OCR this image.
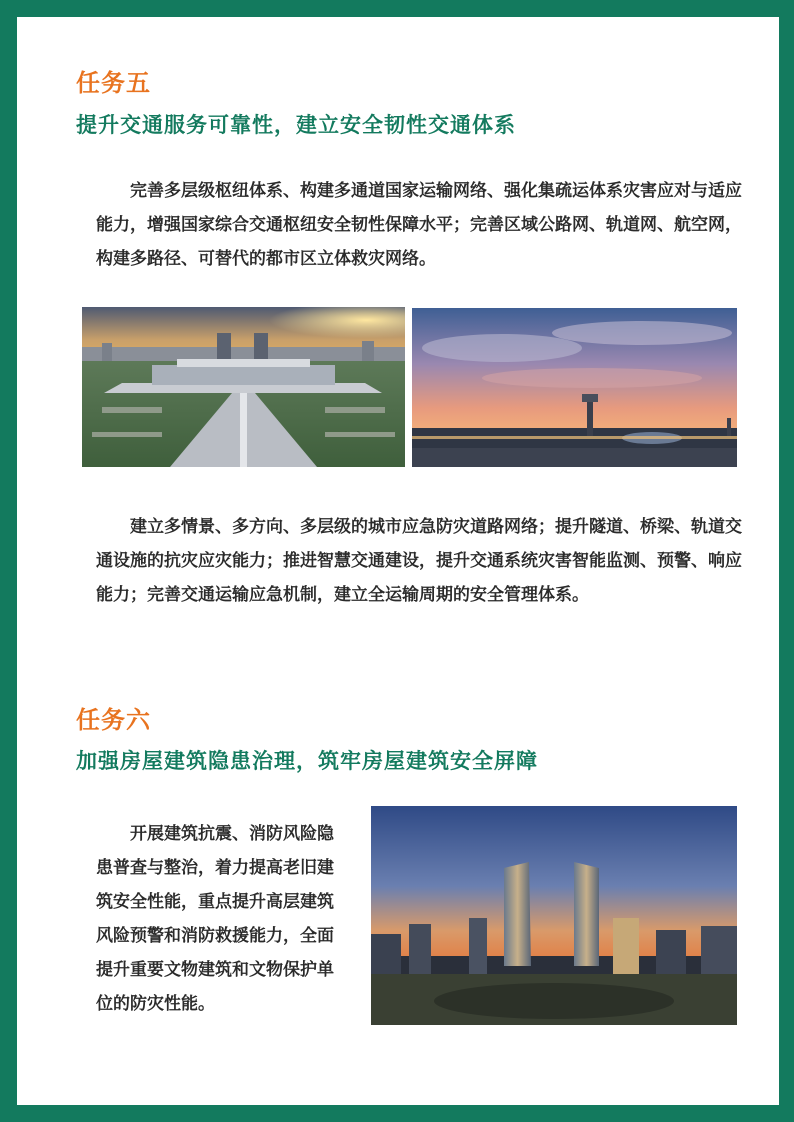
任务五
提升交通服务可靠性，建立安全韧性交通体系

完善多层级枢纽体系、构建多通道国家运输网络、强化集疏运体系灾害应对与适应能力，增强国家综合交通枢纽安全韧性保障水平；完善区域公路网、轨道网、航空网，构建多路径、可替代的都市区立体救灾网络。

建立多情景、多方向、多层级的城市应急防灾道路网络；提升隧道、桥梁、轨道交通设施的抗灾应灾能力；推进智慧交通建设，提升交通系统灾害智能监测、预警、响应能力；完善交通运输应急机制，建立全运输周期的安全管理体系。

任务六
加强房屋建筑隐患治理，筑牢房屋建筑安全屏障

开展建筑抗震、消防风险隐患普查与整治，着力提高老旧建筑安全性能，重点提升高层建筑风险预警和消防救援能力，全面提升重要文物建筑和文物保护单位的防灾性能。
